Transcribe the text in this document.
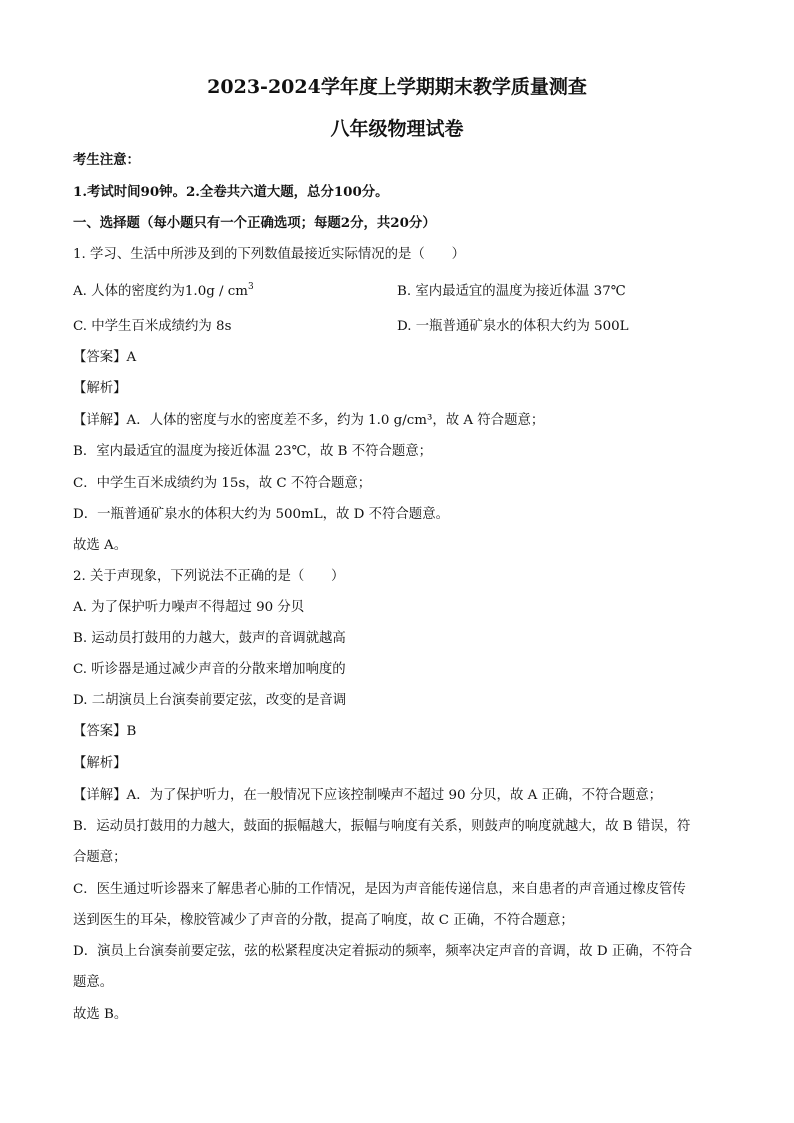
2023-2024学年度上学期期末教学质量测查
八年级物理试卷
考生注意：
1.考试时间90钟。2.全卷共六道大题，总分100分。
一、选择题（每小题只有一个正确选项；每题2分，共20分）
1. 学习、生活中所涉及到的下列数值最接近实际情况的是（　　）
A. 人体的密度约为$1.0g / cm^3$	B. 室内最适宜的温度为接近体温 37℃
C. 中学生百米成绩约为 8s	D. 一瓶普通矿泉水的体积大约为 500L
【答案】A
【解析】
【详解】A．人体的密度与水的密度差不多，约为 1.0 g/cm³，故 A 符合题意；
B．室内最适宜的温度为接近体温 23℃，故 B 不符合题意；
C．中学生百米成绩约为 15s，故 C 不符合题意；
D．一瓶普通矿泉水的体积大约为 500mL，故 D 不符合题意。
故选 A。
2. 关于声现象，下列说法不正确的是（　　）
A. 为了保护听力噪声不得超过 90 分贝
B. 运动员打鼓用的力越大，鼓声的音调就越高
C. 听诊器是通过减少声音的分散来增加响度的
D. 二胡演员上台演奏前要定弦，改变的是音调
【答案】B
【解析】
【详解】A．为了保护听力，在一般情况下应该控制噪声不超过 90 分贝，故 A 正确，不符合题意；
B．运动员打鼓用的力越大，鼓面的振幅越大，振幅与响度有关系，则鼓声的响度就越大，故 B 错误，符
合题意；
C．医生通过听诊器来了解患者心肺的工作情况，是因为声音能传递信息，来自患者的声音通过橡皮管传
送到医生的耳朵，橡胶管减少了声音的分散，提高了响度，故 C 正确，不符合题意；
D．演员上台演奏前要定弦，弦的松紧程度决定着振动的频率，频率决定声音的音调，故 D 正确，不符合
题意。
故选 B。
